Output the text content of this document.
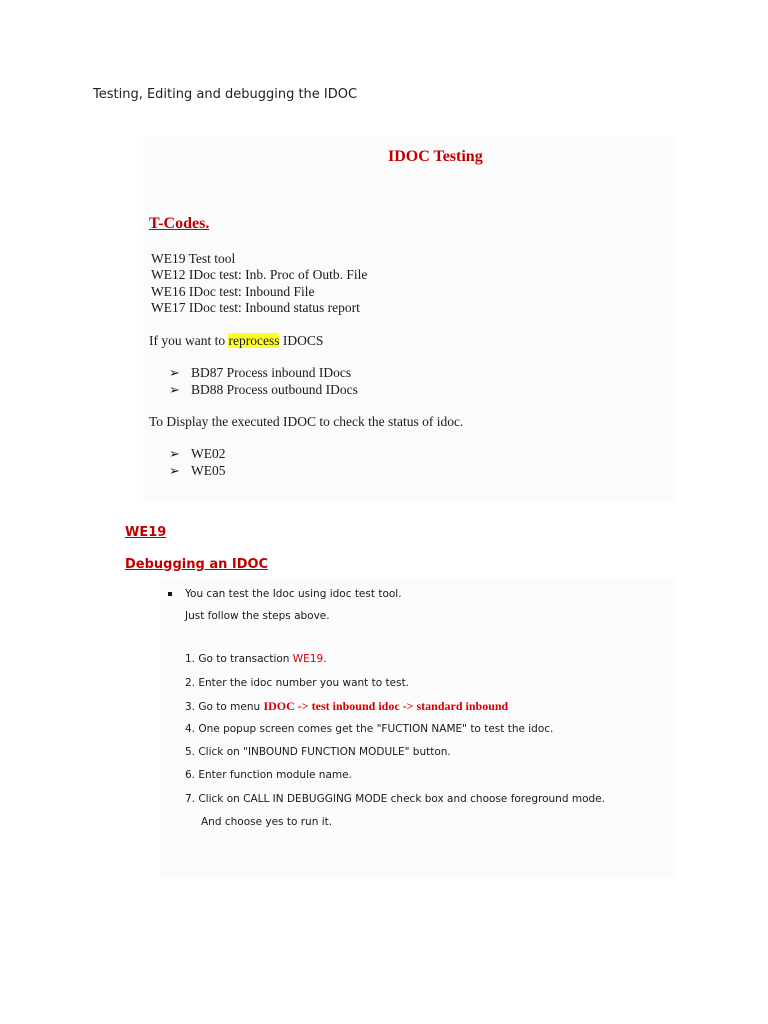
Testing, Editing and debugging the IDOC
IDOC Testing
T-Codes.
WE19 Test tool
WE12 IDoc test: Inb. Proc of Outb. File
WE16 IDoc test: Inbound File
WE17 IDoc test: Inbound status report
If you want to reprocess IDOCS
➢ BD87 Process inbound IDocs
➢ BD88 Process outbound IDocs
To Display the executed IDOC to check the status of idoc.
➢ WE02
➢ WE05
WE19
Debugging an IDOC
You can test the Idoc using idoc test tool.
Just follow the steps above.
1. Go to transaction WE19.
2. Enter the idoc number you want to test.
3. Go to menu IDOC -> test inbound idoc -> standard inbound
4. One popup screen comes get the "FUCTION NAME" to test the idoc.
5. Click on "INBOUND FUNCTION MODULE" button.
6. Enter function module name.
7. Click on CALL IN DEBUGGING MODE check box and choose foreground mode.
And choose yes to run it.
